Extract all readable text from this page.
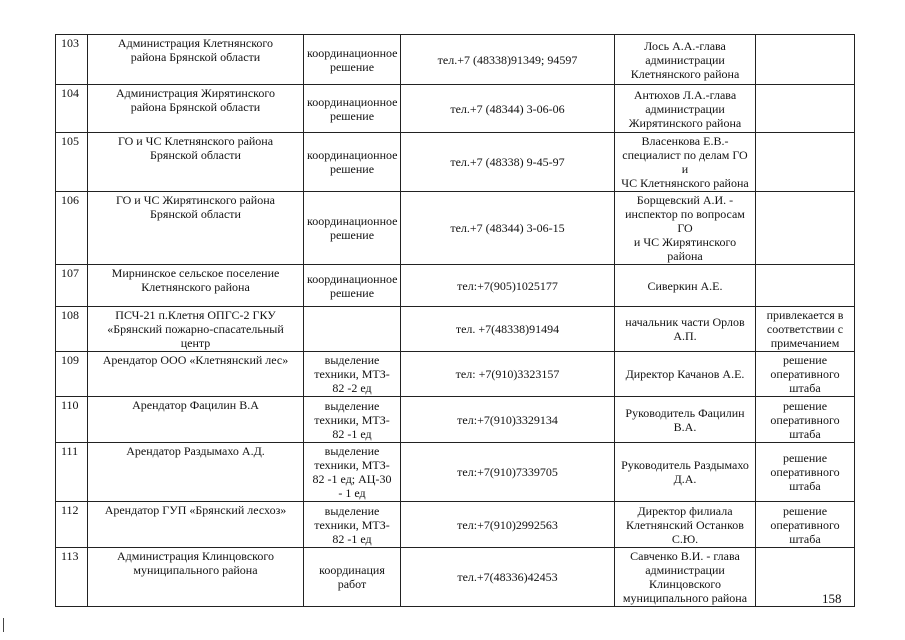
103	Администрация Клетнянского
района Брянской области	координационное
решение	тел.+7 (48338)91349; 94597	Лось А.А.-глава
администрации
Клетнянского района	
104	Администрация Жирятинского
района Брянской области	координационное
решение	тел.+7 (48344) 3-06-06	Антюхов Л.А.-глава
администрации
Жирятинского района	
105	ГО и ЧС Клетнянского района
Брянской области	координационное
решение	тел.+7 (48338) 9-45-97	Власенкова Е.В.-
специалист по делам ГО и
ЧС Клетнянского района	
106	ГО и ЧС Жирятинского района
Брянской области	координационное
решение	тел.+7 (48344) 3-06-15	Борщевский А.И. -
инспектор по вопросам ГО
и ЧС Жирятинского района	
107	Мирнинское сельское поселение
Клетнянского района	координационное
решение	тел:+7(905)1025177	Сиверкин А.Е.	
108	ПСЧ-21 п.Клетня ОПГС-2 ГКУ
«Брянский пожарно-спасательный
центр		тел. +7(48338)91494	начальник части Орлов
А.П.	привлекается в
соответствии с
примечанием
109	Арендатор ООО «Клетнянский лес»	выделение
техники, МТЗ-
82 -2 ед	тел: +7(910)3323157	Директор Качанов А.Е.	решение
оперативного
штаба
110	Арендатор Фацилин В.А	выделение
техники, МТЗ-
82 -1 ед	тел:+7(910)3329134	Руководитель Фацилин
В.А.	решение
оперативного
штаба
111	Арендатор Раздымахо А.Д.	выделение
техники, МТЗ-
82 -1 ед; АЦ-30
- 1 ед	тел:+7(910)7339705	Руководитель Раздымахо
Д.А.	решение
оперативного
штаба
112	Арендатор ГУП «Брянский лесхоз»	выделение
техники, МТЗ-
82 -1 ед	тел:+7(910)2992563	Директор филиала
Клетнянский Останков
С.Ю.	решение
оперативного
штаба
113	Администрация Клинцовского
муниципального района	координация
работ	тел.+7(48336)42453	Савченко В.И. - глава
администрации
Клинцовского
муниципального района		158
